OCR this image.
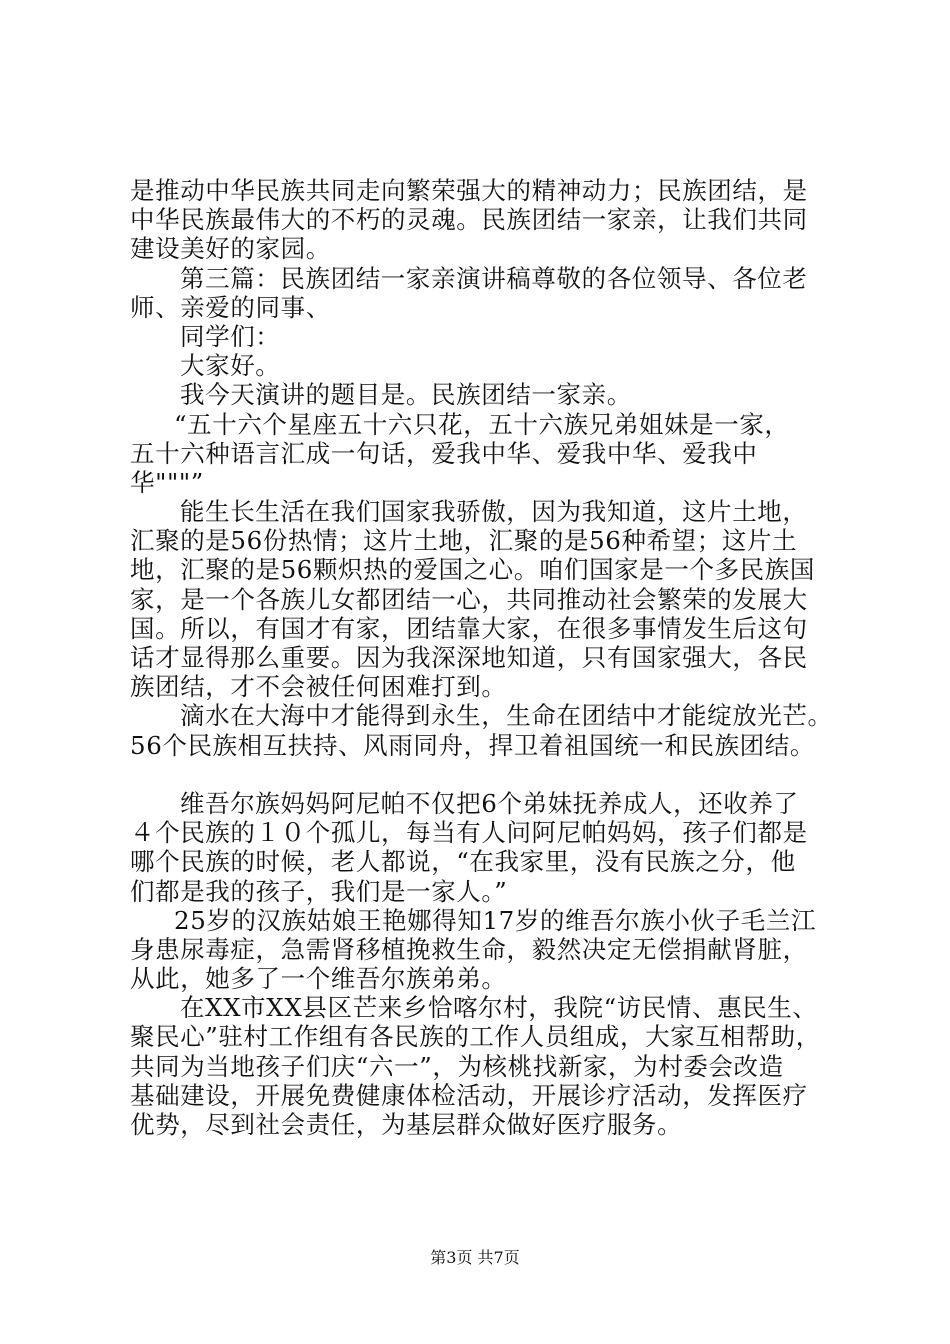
是推动中华民族共同走向繁荣强大的精神动力；民族团结，是
中华民族最伟大的不朽的灵魂。民族团结一家亲，让我们共同
建设美好的家园。
第三篇：民族团结一家亲演讲稿尊敬的各位领导、各位老
师、亲爱的同事、
同学们：
大家好。
我今天演讲的题目是。民族团结一家亲。
“五十六个星座五十六只花，五十六族兄弟姐妹是一家，
五十六种语言汇成一句话，爱我中华、爱我中华、爱我中
华"""”
能生长生活在我们国家我骄傲，因为我知道，这片土地，
汇聚的是56份热情；这片土地，汇聚的是56种希望；这片土
地，汇聚的是56颗炽热的爱国之心。咱们国家是一个多民族国
家，是一个各族儿女都团结一心，共同推动社会繁荣的发展大
国。所以，有国才有家，团结靠大家，在很多事情发生后这句
话才显得那么重要。因为我深深地知道，只有国家强大，各民
族团结，才不会被任何困难打到。
滴水在大海中才能得到永生，生命在团结中才能绽放光芒。
56个民族相互扶持、风雨同舟，捍卫着祖国统一和民族团结。
维吾尔族妈妈阿尼帕不仅把6个弟妹抚养成人，还收养了
４个民族的１０个孤儿，每当有人问阿尼帕妈妈，孩子们都是
哪个民族的时候，老人都说，“在我家里，没有民族之分，他
们都是我的孩子，我们是一家人。”
25岁的汉族姑娘王艳娜得知17岁的维吾尔族小伙子毛兰江
身患尿毒症，急需肾移植挽救生命，毅然决定无偿捐献肾脏，
从此，她多了一个维吾尔族弟弟。
在XX市XX县区芒来乡恰喀尔村，我院“访民情、惠民生、
聚民心”驻村工作组有各民族的工作人员组成，大家互相帮助，
共同为当地孩子们庆“六一”，为核桃找新家，为村委会改造
基础建设，开展免费健康体检活动，开展诊疗活动，发挥医疗
优势，尽到社会责任，为基层群众做好医疗服务。
第3页 共7页
